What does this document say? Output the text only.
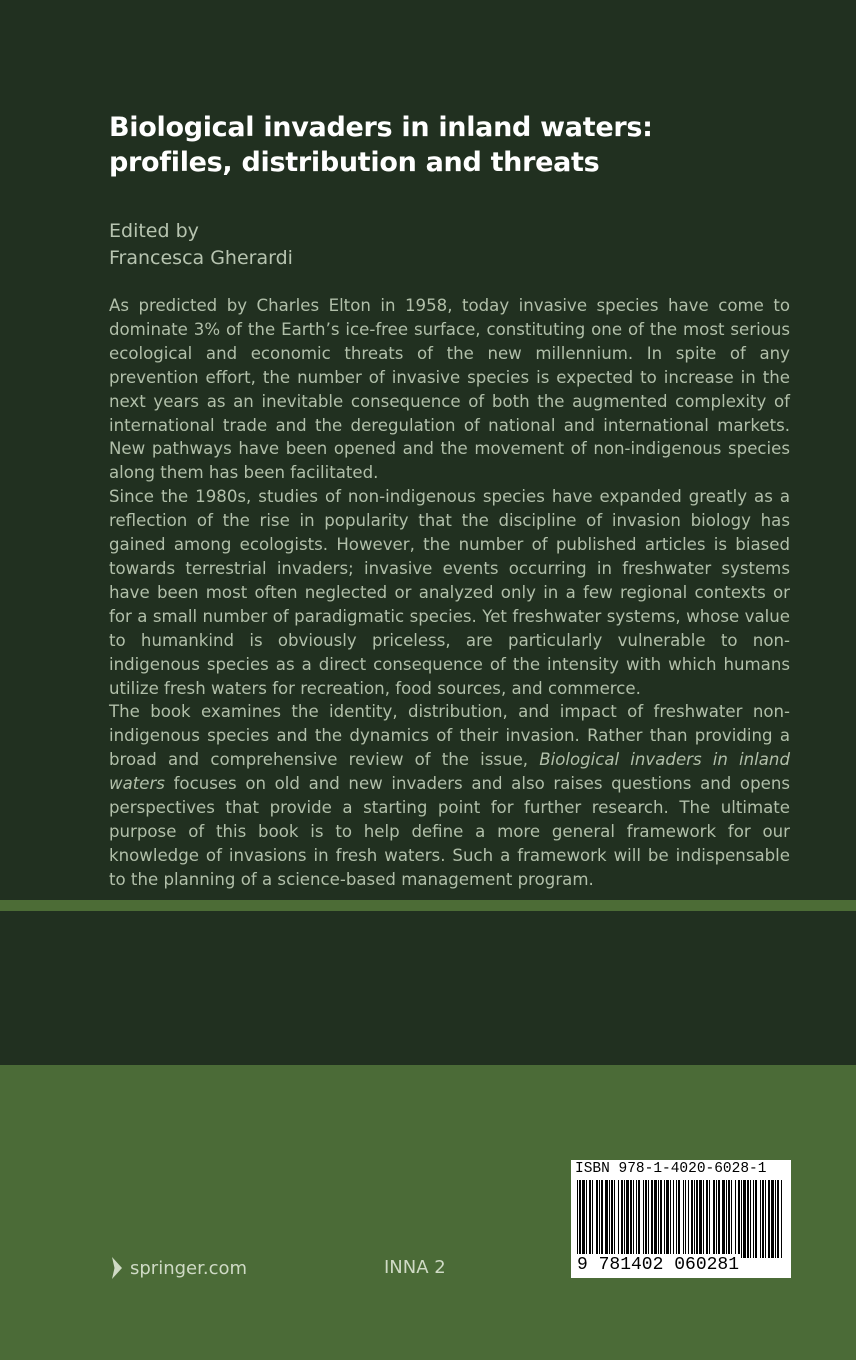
Biological invaders in inland waters:
profiles, distribution and threats
Edited by
Francesca Gherardi

As predicted by Charles Elton in 1958, today invasive species have come to dominate 3% of the Earth’s ice-free surface, constituting one of the most serious ecological and economic threats of the new millennium. In spite of any prevention effort, the number of invasive species is expected to increase in the next years as an inevitable consequence of both the augmented complexity of international trade and the deregulation of national and international markets. New pathways have been opened and the movement of non-indigenous species along them has been facilitated.

Since the 1980s, studies of non-indigenous species have expanded greatly as a reflection of the rise in popularity that the discipline of invasion biology has gained among ecologists. However, the number of published articles is biased towards terrestrial invaders; invasive events occurring in freshwater systems have been most often neglected or analyzed only in a few regional contexts or for a small number of paradigmatic species. Yet freshwater systems, whose value to humankind is obviously priceless, are particularly vulnerable to non-indigenous species as a direct consequence of the intensity with which humans utilize fresh waters for recreation, food sources, and commerce.

The book examines the identity, distribution, and impact of freshwater non-indigenous species and the dynamics of their invasion. Rather than providing a broad and comprehensive review of the issue, Biological invaders in inland waters focuses on old and new invaders and also raises questions and opens perspectives that provide a starting point for further research. The ultimate purpose of this book is to help define a more general framework for our knowledge of invasions in fresh waters. Such a framework will be indispensable to the planning of a science-based management program.

springer.com	INNA 2
ISBN 978-1-4020-6028-1
9 781402 060281
